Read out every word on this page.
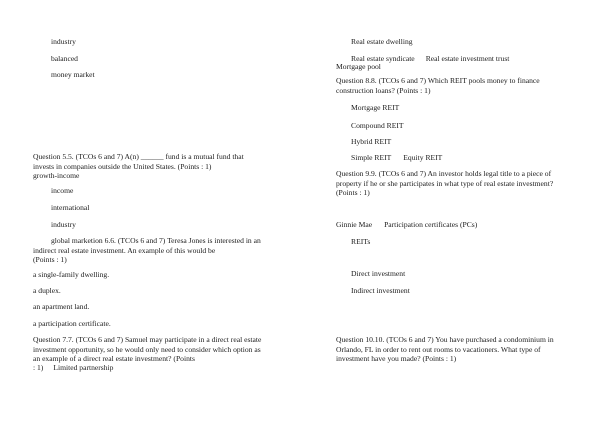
industry
balanced
money market
Question 5.5. (TCOs 6 and 7) A(n) ______ fund is a mutual fund that invests in companies outside the United States. (Points : 1)
growth-income
income
international
industry
global marketion 6.6. (TCOs 6 and 7) Teresa Jones is interested in an indirect real estate investment. An example of this would be
(Points : 1)
a single-family dwelling.
a duplex.
an apartment land.
a participation certificate.
Question 7.7. (TCOs 6 and 7) Samuel may participate in a direct real estate investment opportunity, so he would only need to consider which option as an example of a direct real estate investment? (Points
: 1) Limited partnership
Real estate dwelling
Real estate syndicate Real estate investment trust
Mortgage pool
Question 8.8. (TCOs 6 and 7) Which REIT pools money to finance construction loans? (Points : 1)
Mortgage REIT
Compound REIT
Hybrid REIT
Simple REIT Equity REIT
Question 9.9. (TCOs 6 and 7) An investor holds legal title to a piece of property if he or she participates in what type of real estate investment? (Points : 1)
Ginnie Mae Participation certificates (PCs)
REITs
Direct investment
Indirect investment
Question 10.10. (TCOs 6 and 7) You have purchased a condominium in Orlando, FL in order to rent out rooms to vacationers. What type of investment have you made? (Points : 1)
